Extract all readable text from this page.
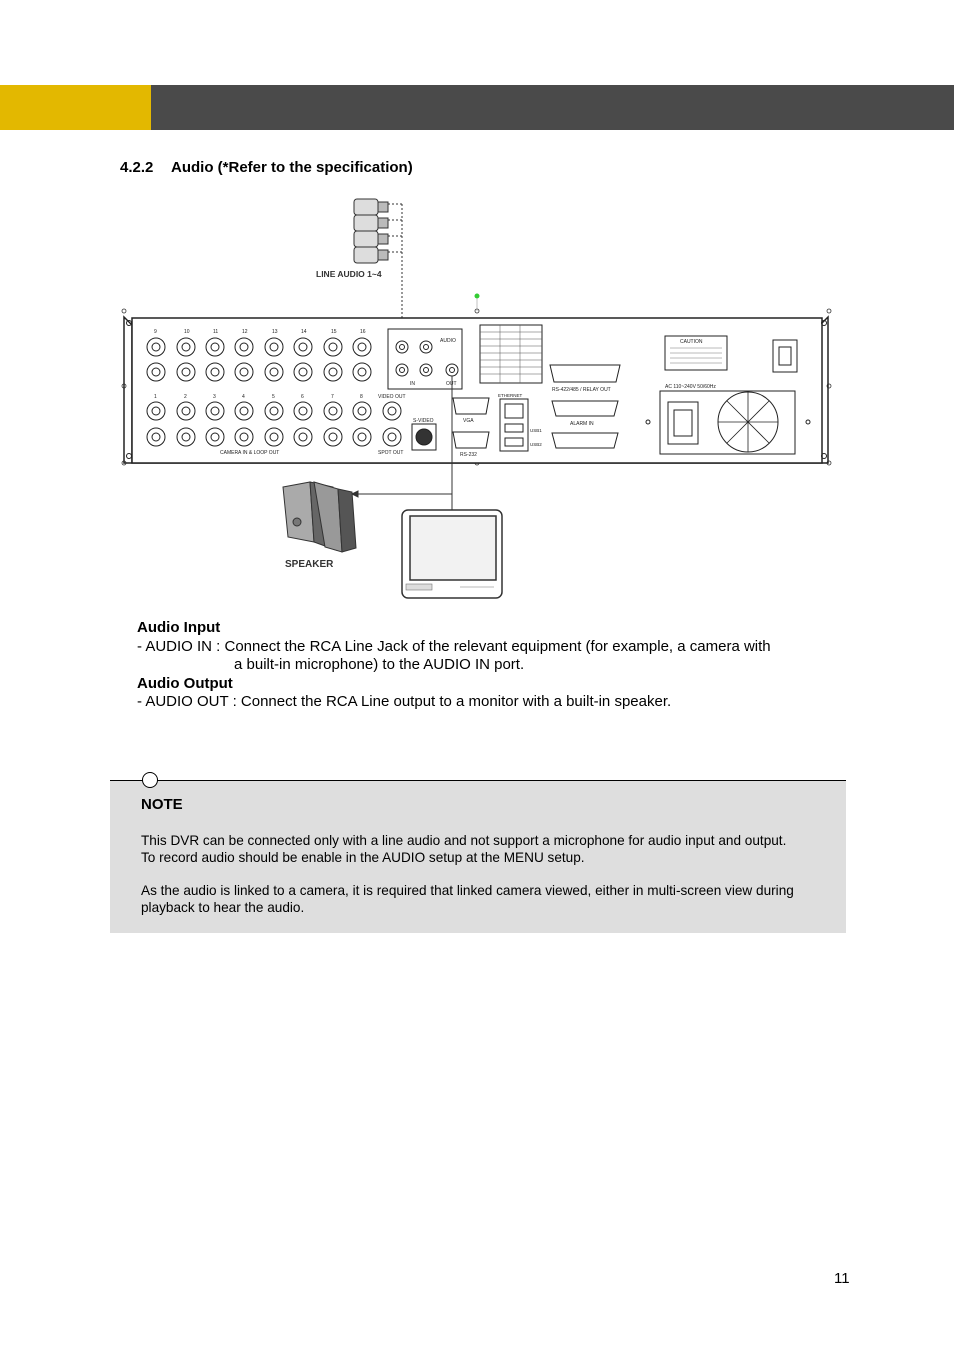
4.2.2 Audio (*Refer to the specification)
LINE AUDIO 1~4
9	10	11	12	13	14	15	16
1	2	3	4	5	6	7	8
CAMERA IN & LOOP OUT
VIDEO OUT
SPOT OUT
AUDIO
IN	OUT
S-VIDEO	VGA
RS-232
ETHERNET
USB1
USB2
RS-422/485 / RELAY OUT
ALARM IN
CAUTION
AC 110~240V 50/60Hz
SPEAKER
Audio Input
- AUDIO IN : Connect the RCA Line Jack of the relevant equipment (for example, a camera with
a built-in microphone) to the AUDIO IN port.
Audio Output
- AUDIO OUT : Connect the RCA Line output to a monitor with a built-in speaker.
NOTE
This DVR can be connected only with a line audio and not support a microphone for audio input and output.
To record audio should be enable in the AUDIO setup at the MENU setup.
As the audio is linked to a camera, it is required that linked camera viewed, either in multi-screen view during
playback to hear the audio.
11
